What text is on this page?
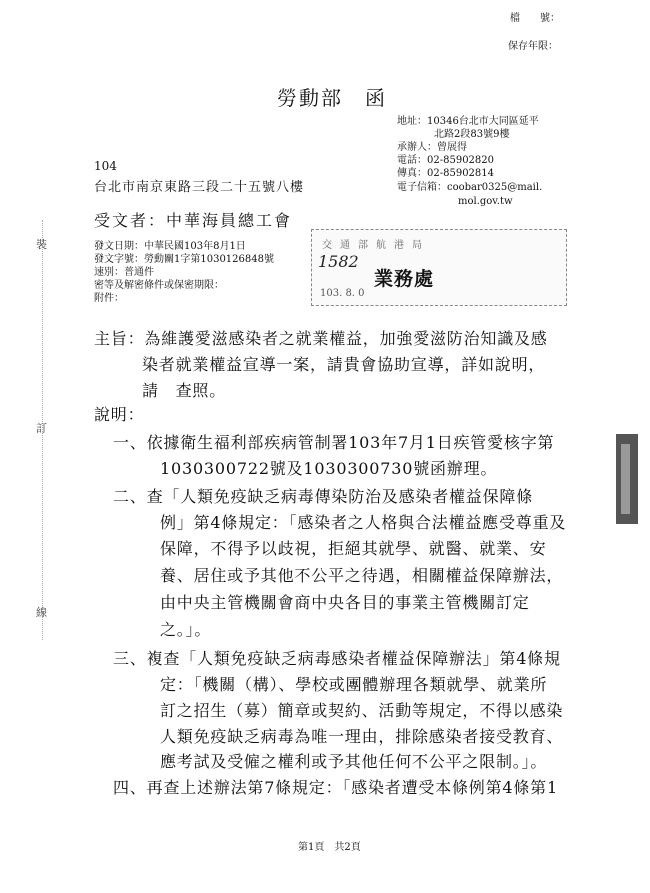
檔　　號：
保存年限：
勞動部　函
地址： 10346台北市大同區延平
北路2段83號9樓
承辦人：曾展得
電話：02-85902820
傳真：02-85902814
電子信箱：coobar0325@mail.
mol.gov.tw
104
台北市南京東路三段二十五號八樓
受文者：中華海員總工會
發文日期：中華民國103年8月1日
發文字號：勞動關1字第1030126848號
速別：普通件
密等及解密條件或保密期限：
附件：
交通部航港局
1582
業務處
103. 8. 0
裝
訂
線
主旨：為維護愛滋感染者之就業權益，加強愛滋防治知識及感
染者就業權益宣導一案，請貴會協助宣導，詳如說明，
請　查照。
說明：
一、依據衛生福利部疾病管制署103年7月1日疾管愛核字第
1030300722號及1030300730號函辦理。
二、查「人類免疫缺乏病毒傳染防治及感染者權益保障條
例」第4條規定：「感染者之人格與合法權益應受尊重及
保障，不得予以歧視，拒絕其就學、就醫、就業、安
養、居住或予其他不公平之待遇，相關權益保障辦法，
由中央主管機關會商中央各目的事業主管機關訂定
之。」。
三、複查「人類免疫缺乏病毒感染者權益保障辦法」第4條規
定：「機關（構）、學校或團體辦理各類就學、就業所
訂之招生（募）簡章或契約、活動等規定，不得以感染
人類免疫缺乏病毒為唯一理由，排除感染者接受教育、
應考試及受僱之權利或予其他任何不公平之限制。」。
四、再查上述辦法第7條規定：「感染者遭受本條例第4條第1
第1頁　共2頁
